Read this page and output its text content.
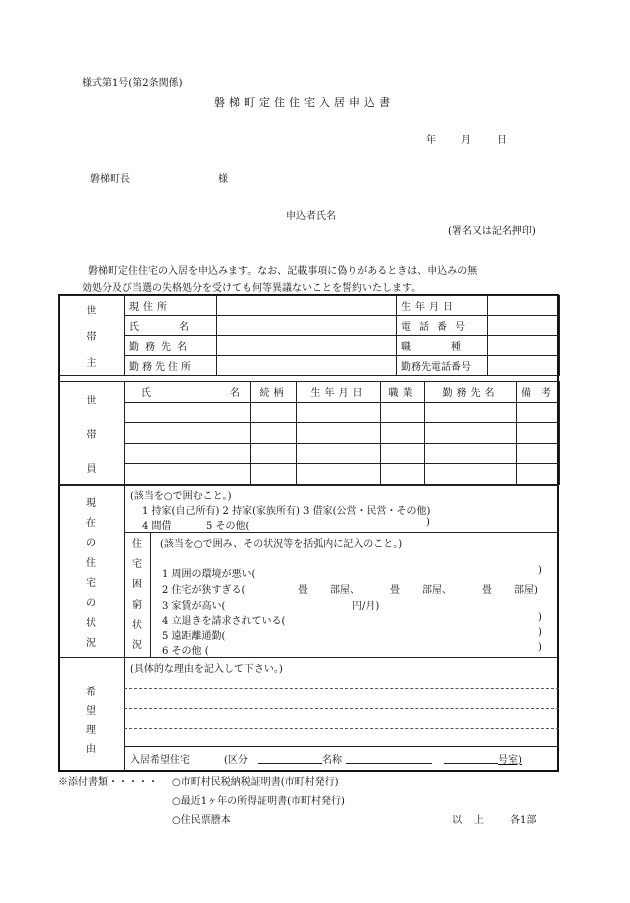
様式第1号(第2条関係)
磐梯町定住住宅入居申込書
年	月	日
磐梯町長	様
申込者氏名
(署名又は記名押印)
磐梯町定住住宅の入居を申込みます。なお、記載事項に偽りがあるときは、申込みの無
効処分及び当選の失格処分を受けても何等異議ないことを誓約いたします。
世
帯
主	現住所		生年月日	
	氏名		電話番号	
	勤務先名		職種	
	勤務先住所		勤務先電話番号	
世
帯
員	氏 名	続柄	生年月日	職業	勤務先名	備考

現
在
の
住
宅
の
状
況
(該当を○で囲むこと。)
1 持家(自己所有) 2 持家(家族所有) 3 借家(公営・民営・その他)
4 間借	5 その他(	)
住
宅
困
窮
状
況
(該当を○で囲み、その状況等を括弧内に記入のこと。)
1 周囲の環境が悪い(	)
2 住宅が狭すぎる(	畳 部屋、	畳 部屋、	畳 部屋)
3 家賃が高い(	円/月)
4 立退きを請求されている(	)
5 遠距離通勤(	)
6 その他 (	)
希
望
理
由
(具体的な理由を記入して下さい。)
入居希望住宅	(区分	名称	号室)
※添付書類・・・・・ ○市町村民税納税証明書(市町村発行)
○最近1ヶ年の所得証明書(市町村発行)
○住民票謄本	以上 各1部
